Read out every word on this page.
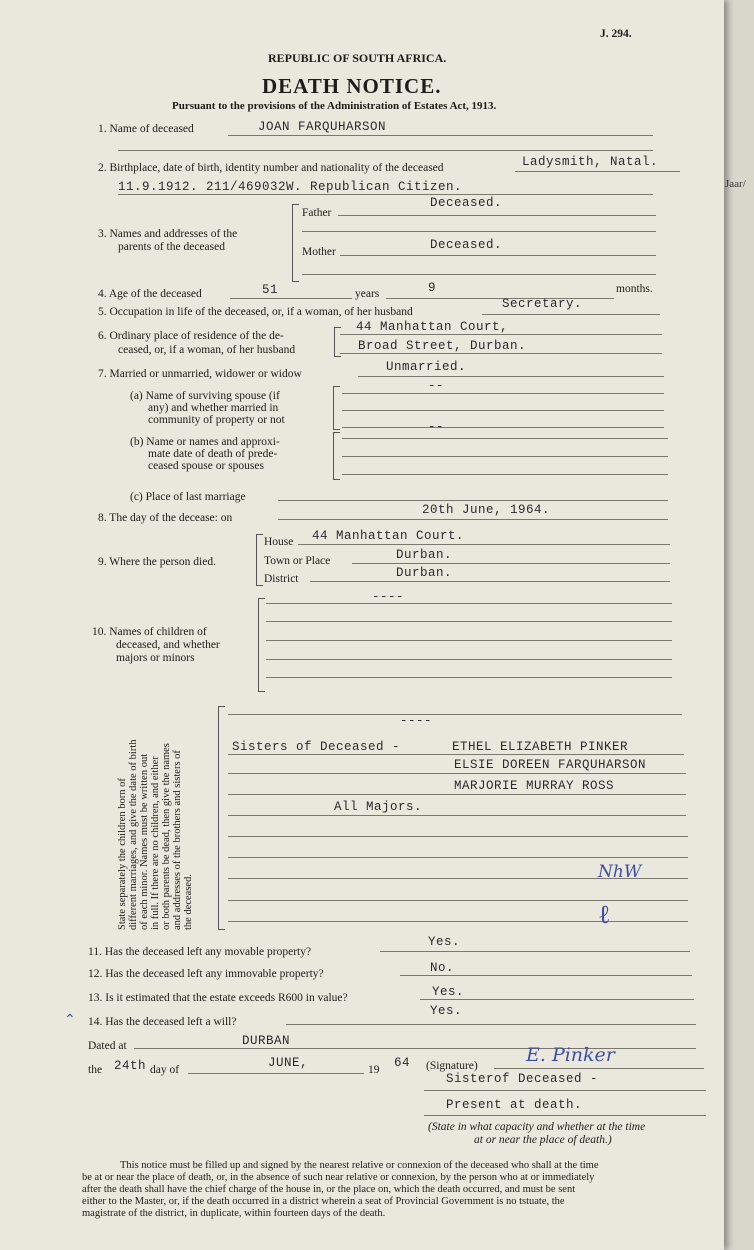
Jaar/
J. 294.
REPUBLIC OF SOUTH AFRICA.
DEATH NOTICE.
Pursuant to the provisions of the Administration of Estates Act, 1913.
1. Name of deceased	JOAN FARQUHARSON
2. Birthplace, date of birth, identity number and nationality of the deceased	Ladysmith, Natal.
11.9.1912. 211/469032W. Republican Citizen.
3. Names and addresses of the
parents of the deceased
Father
Deceased.
Mother	Deceased.
4. Age of the deceased	51	years	9	months.
5. Occupation in life of the deceased, or, if a woman, of her husband
Secretary.
6. Ordinary place of residence of the de-
ceased, or, if a woman, of her husband
44 Manhattan Court,
Broad Street, Durban.
7. Married or unmarried, widower or widow	Unmarried.
(a) Name of surviving spouse (if
any) and whether married in
community of property or not
--
(b) Name or names and approxi-
mate date of death of prede-
ceased spouse or spouses
--
(c) Place of last marriage
8. The day of the decease: on
20th June, 1964.
9. Where the person died.
House 44 Manhattan Court.
Town or Place	Durban.
District	Durban.
10. Names of children of
deceased, and whether
majors or minors
----
State separately the children born of different marriages, and give the date of birth of each minor. Names must be written out in full. If there are no children, and either or both parents be dead, then give the names and addresses of the brothers and sisters of the deceased.
----
Sisters of Deceased -	ETHEL ELIZABETH PINKER
ELSIE DOREEN FARQUHARSON
MARJORIE MURRAY ROSS
All Majors.
NhW
ℓ
11. Has the deceased left any movable property?
Yes.
12. Has the deceased left any immovable property?	No.
13. Is it estimated that the estate exceeds R600 in value?	Yes.
⌃ 14. Has the deceased left a will?
Yes.
Dated at	DURBAN
the 24th day of	JUNE,	19 64 (Signature)	E. Pinker
Sisterof Deceased -
Present at death.
(State in what capacity and whether at the time
at or near the place of death.)
This notice must be filled up and signed by the nearest relative or connexion of the deceased who shall at the time
be at or near the place of death, or, in the absence of such near relative or connexion, by the person who at or immediately
after the death shall have the chief charge of the house in, or the place on, which the death occurred, and must be sent
either to the Master, or, if the death occurred in a district wherein a seat of Provincial Government is no tstuate, the
magistrate of the district, in duplicate, within fourteen days of the death.
